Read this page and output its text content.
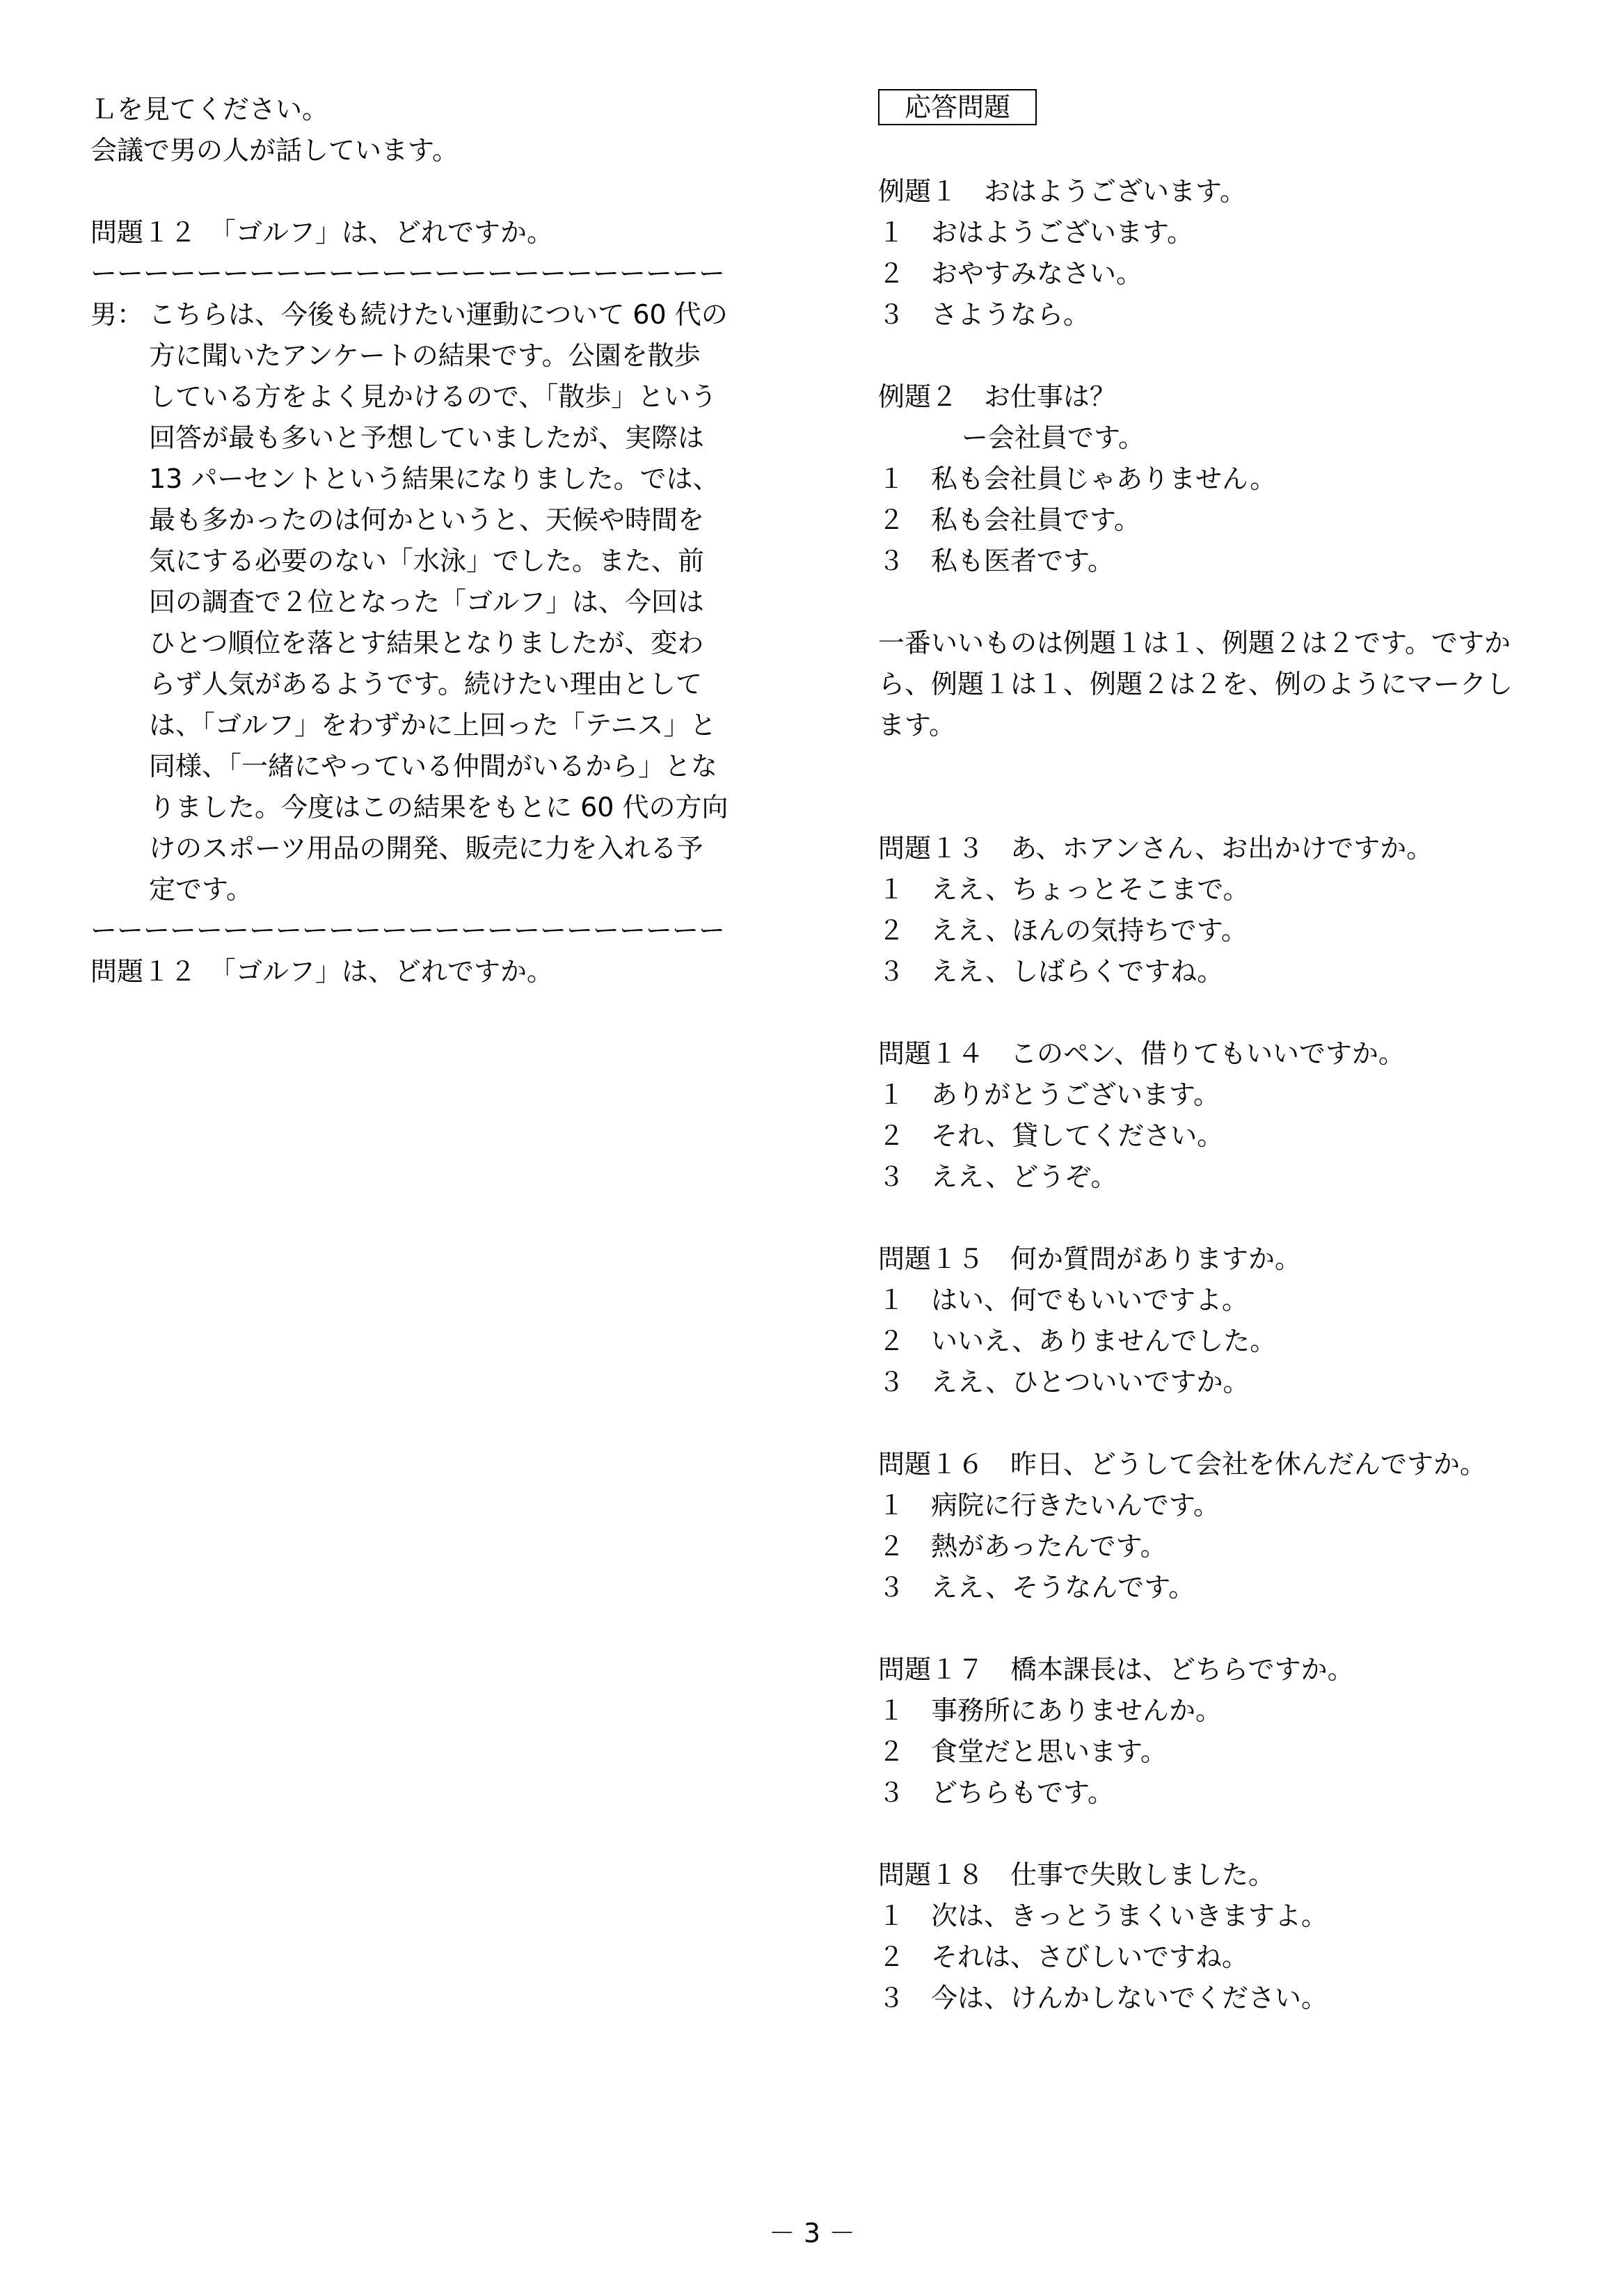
Ｌを見てください。
会議で男の人が話しています。
問題１２　「ゴルフ」は、どれですか。
ーーーーーーーーーーーーーーーーーーーーーーーー
男： こちらは、今後も続けたい運動について 60 代の
方に聞いたアンケートの結果です。公園を散歩
している方をよく見かけるので、「散歩」という
回答が最も多いと予想していましたが、実際は
13 パーセントという結果になりました。では、
最も多かったのは何かというと、天候や時間を
気にする必要のない「水泳」でした。また、前
回の調査で２位となった「ゴルフ」は、今回は
ひとつ順位を落とす結果となりましたが、変わ
らず人気があるようです。続けたい理由として
は、「ゴルフ」をわずかに上回った「テニス」と
同様、「一緒にやっている仲間がいるから」とな
りました。今度はこの結果をもとに 60 代の方向
けのスポーツ用品の開発、販売に力を入れる予
定です。
ーーーーーーーーーーーーーーーーーーーーーーーー
問題１２　「ゴルフ」は、どれですか。
応答問題
例題１　おはようございます。
１　おはようございます。
２　おやすみなさい。
３　さようなら。
例題２　お仕事は？
ー会社員です。
１　私も会社員じゃありません。
２　私も会社員です。
３　私も医者です。
一番いいものは例題１は１、例題２は２です。ですか
ら、例題１は１、例題２は２を、例のようにマークし
ます。
問題１３　あ、ホアンさん、お出かけですか。
１　ええ、ちょっとそこまで。
２　ええ、ほんの気持ちです。
３　ええ、しばらくですね。
問題１４　このペン、借りてもいいですか。
１　ありがとうございます。
２　それ、貸してください。
３　ええ、どうぞ。
問題１５　何か質問がありますか。
１　はい、何でもいいですよ。
２　いいえ、ありませんでした。
３　ええ、ひとついいですか。
問題１６　昨日、どうして会社を休んだんですか。
１　病院に行きたいんです。
２　熱があったんです。
３　ええ、そうなんです。
問題１７　橋本課長は、どちらですか。
１　事務所にありませんか。
２　食堂だと思います。
３　どちらもです。
問題１８　仕事で失敗しました。
１　次は、きっとうまくいきますよ。
２　それは、さびしいですね。
３　今は、けんかしないでください。
－ 3 －
